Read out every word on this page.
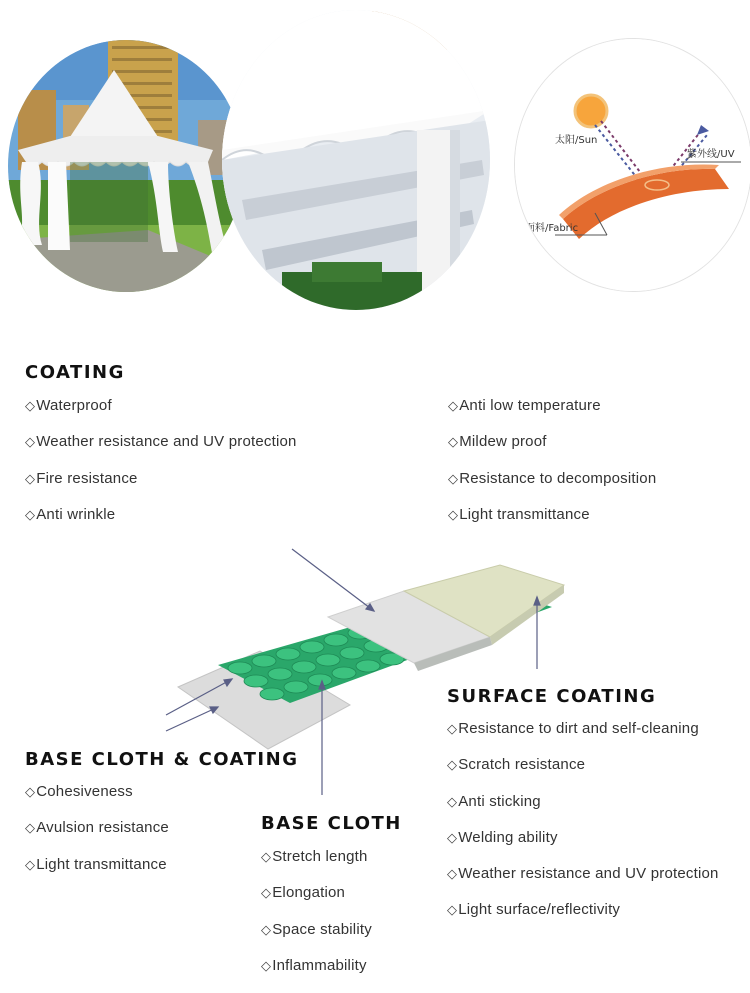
太阳/Sun
紫外线/UV
面料/Fabric
COATING
◇ Waterproof
◇ Weather resistance and UV protection
◇ Fire resistance
◇ Anti wrinkle
◇ Anti low temperature
◇ Mildew proof
◇ Resistance to decomposition
◇ Light transmittance
SURFACE COATING
◇ Resistance to dirt and self-cleaning
◇ Scratch resistance
◇ Anti sticking
◇ Welding ability
◇ Weather resistance and UV protection
◇ Light surface/reflectivity
BASE CLOTH & COATING
◇ Cohesiveness
◇ Avulsion resistance
◇ Light transmittance
BASE CLOTH
◇ Stretch length
◇ Elongation
◇ Space stability
◇ Inflammability
